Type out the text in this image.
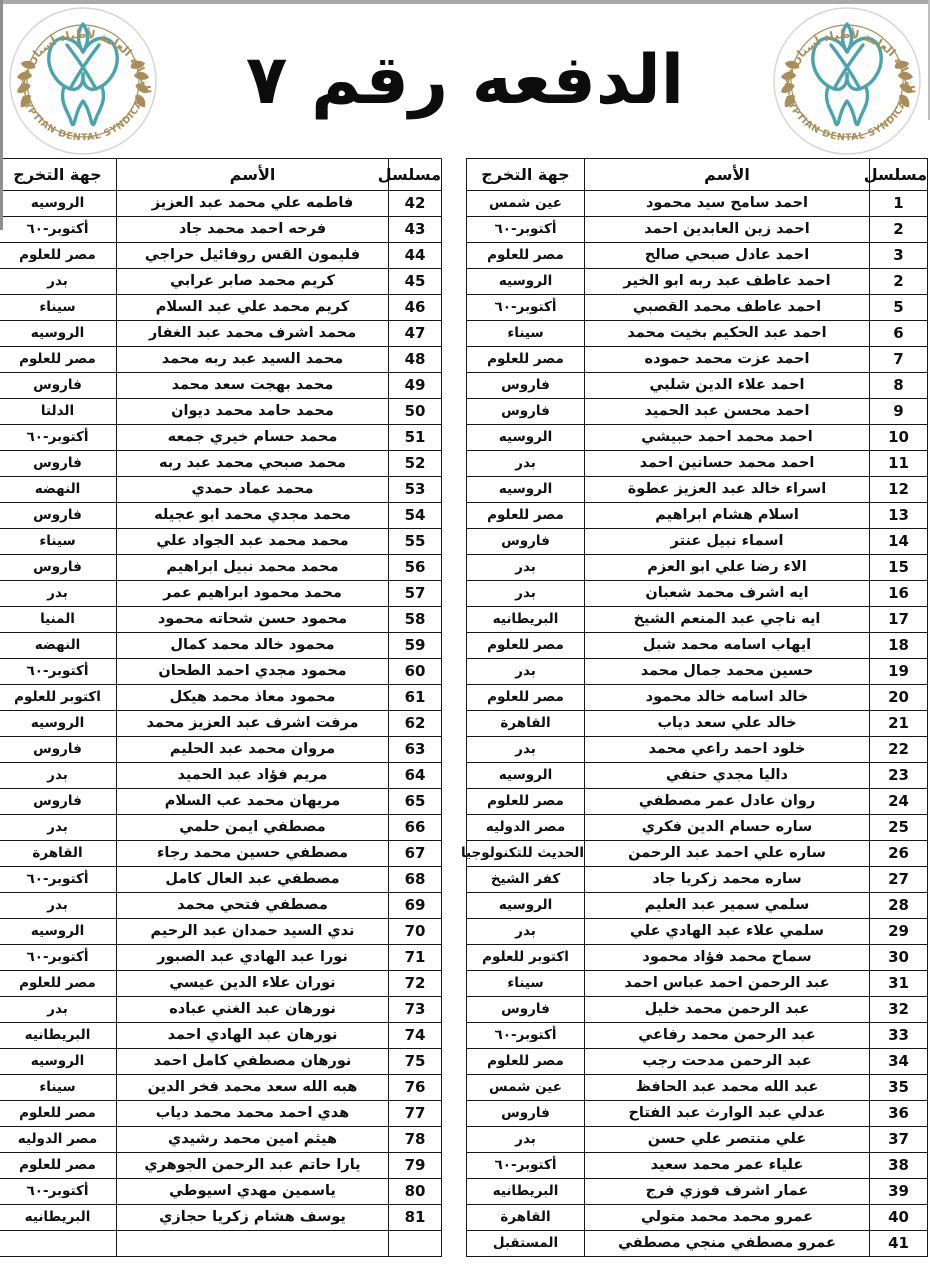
الدفعه رقم ٧
مسلسل	الأسم	جهة التخرج
1	احمد سامح سيد محمود	عين شمس
2	احمد زين العابدين احمد	أكتوبر-٦٠
3	احمد عادل صبحي صالح	مصر للعلوم
2	احمد عاطف عبد ربه ابو الخير	الروسيه
5	احمد عاطف محمد القصبي	أكتوبر-٦٠
6	احمد عبد الحكيم بخيت محمد	سيناء
7	احمد عزت محمد حموده	مصر للعلوم
8	احمد علاء الدين شلبي	فاروس
9	احمد محسن عبد الحميد	فاروس
10	احمد محمد احمد حبيشي	الروسيه
11	احمد محمد حسانين احمد	بدر
12	اسراء خالد عبد العزيز عطوة	الروسيه
13	اسلام هشام ابراهيم	مصر للعلوم
14	اسماء نبيل عنتر	فاروس
15	الاء رضا علي ابو العزم	بدر
16	ايه اشرف محمد شعبان	بدر
17	ايه ناجي عبد المنعم الشيخ	البريطانيه
18	ايهاب اسامه محمد شبل	مصر للعلوم
19	حسين محمد جمال محمد	بدر
20	خالد اسامه خالد محمود	مصر للعلوم
21	خالد علي سعد دياب	القاهرة
22	خلود احمد راعي محمد	بدر
23	داليا مجدي حنفي	الروسيه
24	روان عادل عمر مصطفي	مصر للعلوم
25	ساره حسام الدين فكري	مصر الدوليه
26	ساره علي احمد عبد الرحمن	الحديث للتكنولوجيا
27	ساره محمد زكريا جاد	كفر الشيخ
28	سلمي سمير عبد العليم	الروسيه
29	سلمي علاء عبد الهادي علي	بدر
30	سماح محمد فؤاد محمود	اكتوبر للعلوم
31	عبد الرحمن احمد عباس احمد	سيناء
32	عبد الرحمن محمد خليل	فاروس
33	عبد الرحمن محمد رفاعي	أكتوبر-٦٠
34	عبد الرحمن مدحت رجب	مصر للعلوم
35	عبد الله محمد عبد الحافظ	عين شمس
36	عدلي عبد الوارث عبد الفتاح	فاروس
37	علي منتصر علي حسن	بدر
38	علياء عمر محمد سعيد	أكتوبر-٦٠
39	عمار اشرف فوزي فرج	البريطانيه
40	عمرو محمد محمد متولي	القاهرة
41	عمرو مصطفي منجي مصطفي	المستقبل
مسلسل	الأسم	جهة التخرج
42	فاطمه علي محمد عبد العزيز	الروسيه
43	فرحه احمد محمد جاد	أكتوبر-٦٠
44	فليمون القس روفائيل حراجي	مصر للعلوم
45	كريم محمد صابر عرابي	بدر
46	كريم محمد علي عبد السلام	سيناء
47	محمد اشرف محمد عبد الغفار	الروسيه
48	محمد السيد عبد ربه محمد	مصر للعلوم
49	محمد بهجت سعد محمد	فاروس
50	محمد حامد محمد ديوان	الدلتا
51	محمد حسام خيري جمعه	أكتوبر-٦٠
52	محمد صبحي محمد عبد ربه	فاروس
53	محمد عماد حمدي	النهضه
54	محمد مجدي محمد ابو عجيله	فاروس
55	محمد محمد عبد الجواد علي	سيناء
56	محمد محمد نبيل ابراهيم	فاروس
57	محمد محمود ابراهيم عمر	بدر
58	محمود حسن شحاته محمود	المنيا
59	محمود خالد محمد كمال	النهضه
60	محمود مجدي احمد الطحان	أكتوبر-٦٠
61	محمود معاذ محمد هيكل	اكتوبر للعلوم
62	مرفت اشرف عبد العزيز محمد	الروسيه
63	مروان محمد عبد الحليم	فاروس
64	مريم فؤاد عبد الحميد	بدر
65	مريهان محمد عب السلام	فاروس
66	مصطفي ايمن حلمي	بدر
67	مصطفي حسين محمد رجاء	القاهرة
68	مصطفي عبد العال كامل	أكتوبر-٦٠
69	مصطفي فتحي محمد	بدر
70	ندي السيد حمدان عبد الرحيم	الروسيه
71	نورا عبد الهادي عبد الصبور	أكتوبر-٦٠
72	نوران علاء الدين عيسي	مصر للعلوم
73	نورهان عبد الغني عباده	بدر
74	نورهان عبد الهادي احمد	البريطانيه
75	نورهان مصطفي كامل احمد	الروسيه
76	هبه الله سعد محمد فخر الدين	سيناء
77	هدي احمد محمد محمد دياب	مصر للعلوم
78	هيثم امين محمد رشيدي	مصر الدوليه
79	يارا حاتم عبد الرحمن الجوهري	مصر للعلوم
80	ياسمين مهدي اسيوطي	أكتوبر-٦٠
81	يوسف هشام زكريا حجازي	البريطانيه
